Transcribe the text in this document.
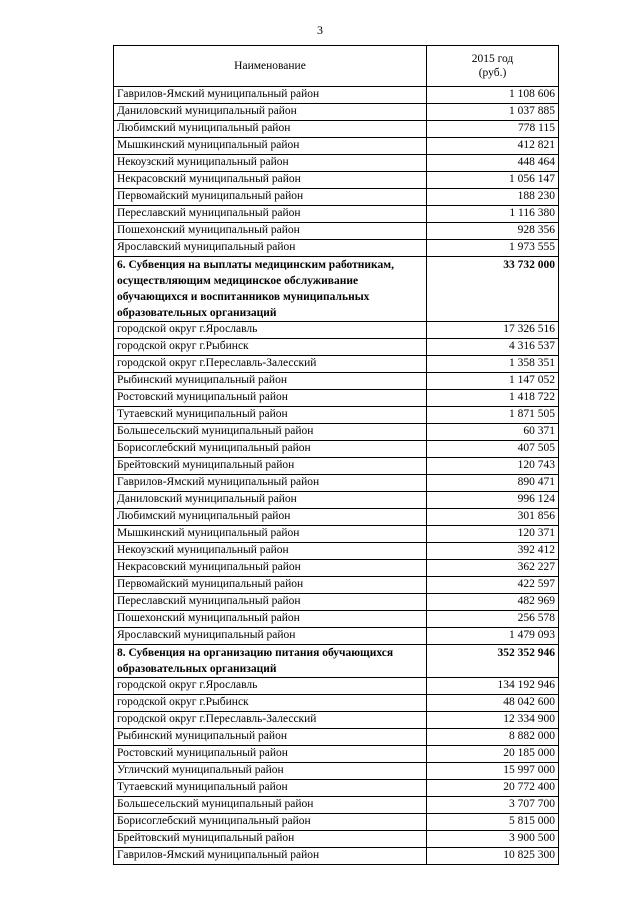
3
Наименование	2015 год
(руб.)

Гаврилов-Ямский муниципальный район	1 108 606
Даниловский муниципальный район	1 037 885
Любимский муниципальный район	778 115
Мышкинский муниципальный район	412 821
Некоузский муниципальный район	448 464
Некрасовский муниципальный район	1 056 147
Первомайский муниципальный район	188 230
Переславский муниципальный район	1 116 380
Пошехонский муниципальный район	928 356
Ярославский муниципальный район	1 973 555
6. Субвенция на выплаты медицинским работникам, осуществляющим медицинское обслуживание обучающихся и воспитанников муниципальных образовательных организаций	33 732 000
городской округ г.Ярославль	17 326 516
городской округ г.Рыбинск	4 316 537
городской округ г.Переславль-Залесский	1 358 351
Рыбинский муниципальный район	1 147 052
Ростовский муниципальный район	1 418 722
Тутаевский муниципальный район	1 871 505
Большесельский муниципальный район	60 371
Борисоглебский муниципальный район	407 505
Брейтовский муниципальный район	120 743
Гаврилов-Ямский муниципальный район	890 471
Даниловский муниципальный район	996 124
Любимский муниципальный район	301 856
Мышкинский муниципальный район	120 371
Некоузский муниципальный район	392 412
Некрасовский муниципальный район	362 227
Первомайский муниципальный район	422 597
Переславский муниципальный район	482 969
Пошехонский муниципальный район	256 578
Ярославский муниципальный район	1 479 093
8. Субвенция на организацию питания обучающихся образовательных организаций	352 352 946
городской округ г.Ярославль	134 192 946
городской округ г.Рыбинск	48 042 600
городской округ г.Переславль-Залесский	12 334 900
Рыбинский муниципальный район	8 882 000
Ростовский муниципальный район	20 185 000
Угличский муниципальный район	15 997 000
Тутаевский муниципальный район	20 772 400
Большесельский муниципальный район	3 707 700
Борисоглебский муниципальный район	5 815 000
Брейтовский муниципальный район	3 900 500
Гаврилов-Ямский муниципальный район	10 825 300
